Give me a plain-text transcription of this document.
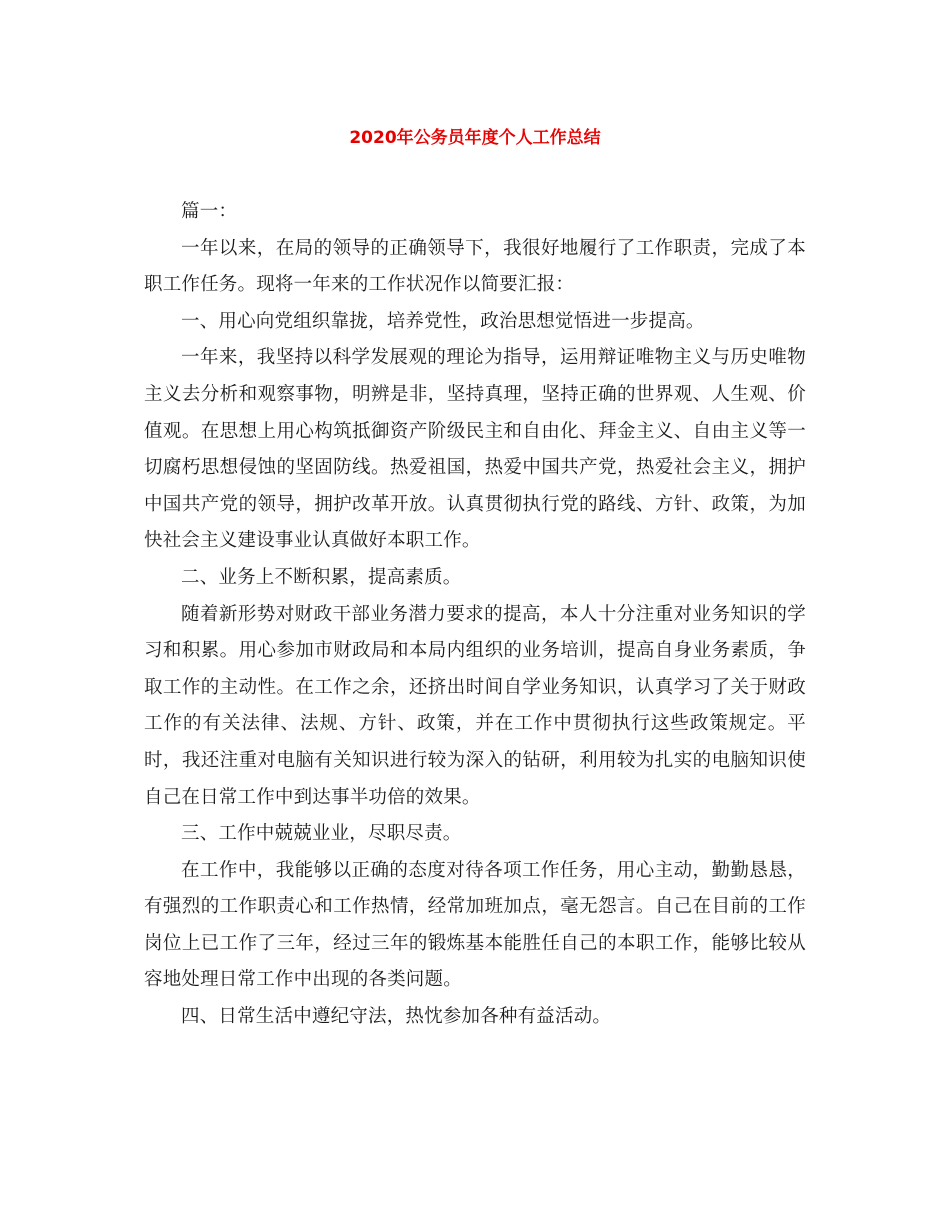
2020年公务员年度个人工作总结

篇一：

一年以来，在局的领导的正确领导下，我很好地履行了工作职责，完成了本职工作任务。现将一年来的工作状况作以简要汇报：

一、用心向党组织靠拢，培养党性，政治思想觉悟进一步提高。

一年来，我坚持以科学发展观的理论为指导，运用辩证唯物主义与历史唯物主义去分析和观察事物，明辨是非，坚持真理，坚持正确的世界观、人生观、价值观。在思想上用心构筑抵御资产阶级民主和自由化、拜金主义、自由主义等一切腐朽思想侵蚀的坚固防线。热爱祖国，热爱中国共产党，热爱社会主义，拥护中国共产党的领导，拥护改革开放。认真贯彻执行党的路线、方针、政策，为加快社会主义建设事业认真做好本职工作。

二、业务上不断积累，提高素质。

随着新形势对财政干部业务潜力要求的提高，本人十分注重对业务知识的学习和积累。用心参加市财政局和本局内组织的业务培训，提高自身业务素质，争取工作的主动性。在工作之余，还挤出时间自学业务知识，认真学习了关于财政工作的有关法律、法规、方针、政策，并在工作中贯彻执行这些政策规定。平时，我还注重对电脑有关知识进行较为深入的钻研，利用较为扎实的电脑知识使自己在日常工作中到达事半功倍的效果。

三、工作中兢兢业业，尽职尽责。

在工作中，我能够以正确的态度对待各项工作任务，用心主动，勤勤恳恳，有强烈的工作职责心和工作热情，经常加班加点，毫无怨言。自己在目前的工作岗位上已工作了三年，经过三年的锻炼基本能胜任自己的本职工作，能够比较从容地处理日常工作中出现的各类问题。

四、日常生活中遵纪守法，热忱参加各种有益活动。
